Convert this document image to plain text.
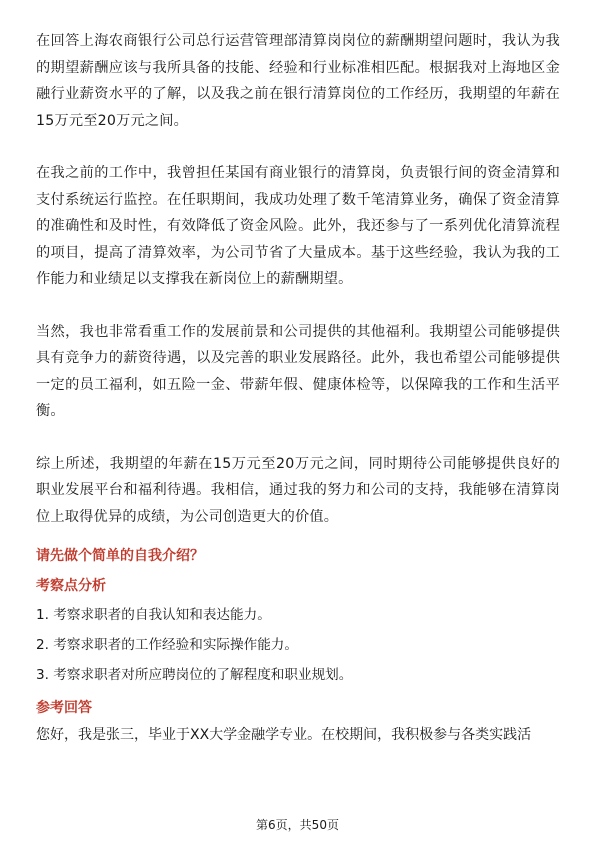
在回答上海农商银行公司总行运营管理部清算岗岗位的薪酬期望问题时，我认为我的期望薪酬应该与我所具备的技能、经验和行业标准相匹配。根据我对上海地区金融行业薪资水平的了解，以及我之前在银行清算岗位的工作经历，我期望的年薪在15万元至20万元之间。

在我之前的工作中，我曾担任某国有商业银行的清算岗，负责银行间的资金清算和支付系统运行监控。在任职期间，我成功处理了数千笔清算业务，确保了资金清算的准确性和及时性，有效降低了资金风险。此外，我还参与了一系列优化清算流程的项目，提高了清算效率，为公司节省了大量成本。基于这些经验，我认为我的工作能力和业绩足以支撑我在新岗位上的薪酬期望。

当然，我也非常看重工作的发展前景和公司提供的其他福利。我期望公司能够提供具有竞争力的薪资待遇，以及完善的职业发展路径。此外，我也希望公司能够提供一定的员工福利，如五险一金、带薪年假、健康体检等，以保障我的工作和生活平衡。

综上所述，我期望的年薪在15万元至20万元之间，同时期待公司能够提供良好的职业发展平台和福利待遇。我相信，通过我的努力和公司的支持，我能够在清算岗位上取得优异的成绩，为公司创造更大的价值。

请先做个简单的自我介绍？

考察点分析

1. 考察求职者的自我认知和表达能力。

2. 考察求职者的工作经验和实际操作能力。

3. 考察求职者对所应聘岗位的了解程度和职业规划。

参考回答

您好，我是张三，毕业于XX大学金融学专业。在校期间，我积极参与各类实践活

第6页，共50页
